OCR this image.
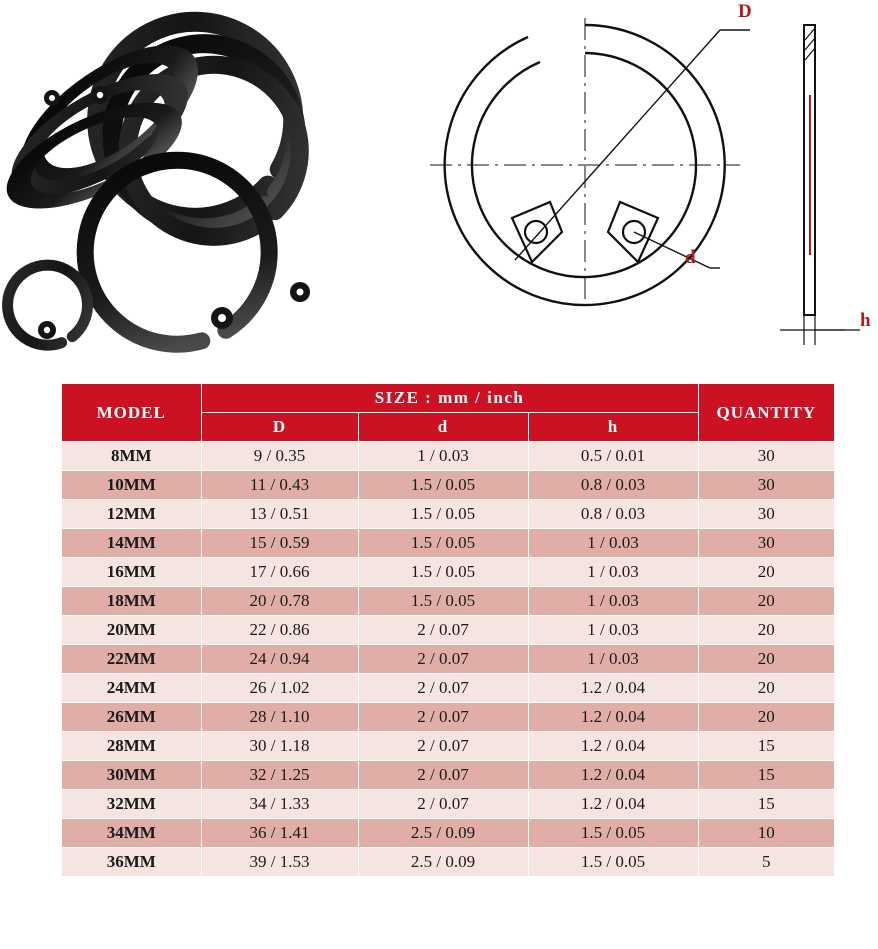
D
d
h
MODEL	SIZE : mm / inch			QUANTITY
	D	d	h	
8MM	9 / 0.35	1 / 0.03	0.5 / 0.01	30
10MM	11 / 0.43	1.5 / 0.05	0.8 / 0.03	30
12MM	13 / 0.51	1.5 / 0.05	0.8 / 0.03	30
14MM	15 / 0.59	1.5 / 0.05	1 / 0.03	30
16MM	17 / 0.66	1.5 / 0.05	1 / 0.03	20
18MM	20 / 0.78	1.5 / 0.05	1 / 0.03	20
20MM	22 / 0.86	2 / 0.07	1 / 0.03	20
22MM	24 / 0.94	2 / 0.07	1 / 0.03	20
24MM	26 / 1.02	2 / 0.07	1.2 / 0.04	20
26MM	28 / 1.10	2 / 0.07	1.2 / 0.04	20
28MM	30 / 1.18	2 / 0.07	1.2 / 0.04	15
30MM	32 / 1.25	2 / 0.07	1.2 / 0.04	15
32MM	34 / 1.33	2 / 0.07	1.2 / 0.04	15
34MM	36 / 1.41	2.5 / 0.09	1.5 / 0.05	10
36MM	39 / 1.53	2.5 / 0.09	1.5 / 0.05	5
